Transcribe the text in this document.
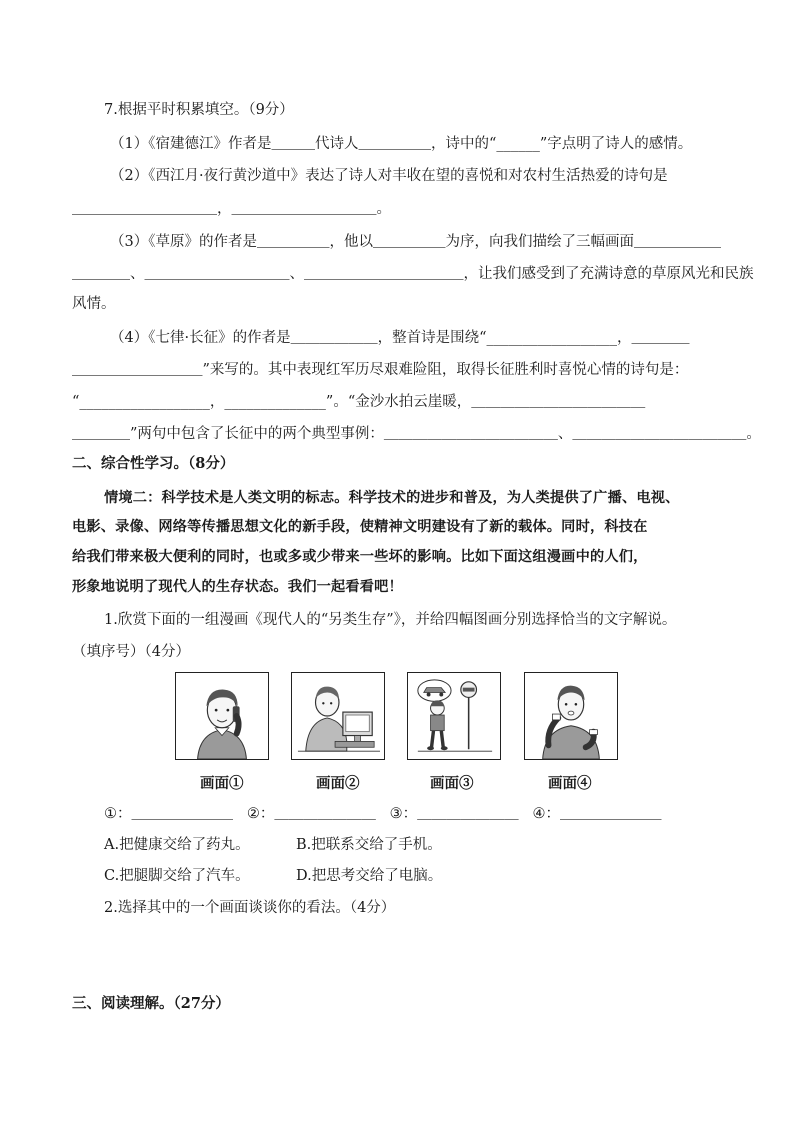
7.根据平时积累填空。（9分）
（1）《宿建德江》作者是＿＿＿代诗人＿＿＿＿＿，诗中的“______”字点明了诗人的感情。
（2）《西江月·夜行黄沙道中》表达了诗人对丰收在望的喜悦和对农村生活热爱的诗句是
＿＿＿＿＿＿＿＿＿＿，＿＿＿＿＿＿＿＿＿＿。
（3）《草原》的作者是＿＿＿＿＿，他以＿＿＿＿＿为序，向我们描绘了三幅画面＿＿＿＿＿＿
＿＿＿＿、＿＿＿＿＿＿＿＿＿＿、＿＿＿＿＿＿＿＿＿＿＿，让我们感受到了充满诗意的草原风光和民族
风情。
（4）《七律·长征》的作者是＿＿＿＿＿＿，整首诗是围绕“__________________，＿＿＿＿
＿＿＿＿＿＿＿＿＿”来写的。其中表现红军历尽艰难险阻，取得长征胜利时喜悦心情的诗句是：
“__________________，______________”。“金沙水拍云崖暖，＿＿＿＿＿＿＿＿＿＿＿＿
＿＿＿＿”两句中包含了长征中的两个典型事例：＿＿＿＿＿＿＿＿＿＿＿＿、＿＿＿＿＿＿＿＿＿＿＿＿。
二、综合性学习。（8分）
情境二：科学技术是人类文明的标志。科学技术的进步和普及，为人类提供了广播、电视、
电影、录像、网络等传播思想文化的新手段，使精神文明建设有了新的载体。同时，科技在
给我们带来极大便利的同时，也或多或少带来一些坏的影响。比如下面这组漫画中的人们，
形象地说明了现代人的生存状态。我们一起看看吧！
1.欣赏下面的一组漫画《现代人的“另类生存”》，并给四幅图画分别选择恰当的文字解说。
（填序号）（4分）
画面①	画面②	画面③	画面④
①：＿＿＿＿＿＿＿   ②：＿＿＿＿＿＿＿   ③：＿＿＿＿＿＿＿   ④：＿＿＿＿＿＿＿
A.把健康交给了药丸。	B.把联系交给了手机。
C.把腿脚交给了汽车。	D.把思考交给了电脑。
2.选择其中的一个画面谈谈你的看法。（4分）
三、阅读理解。（27分）
